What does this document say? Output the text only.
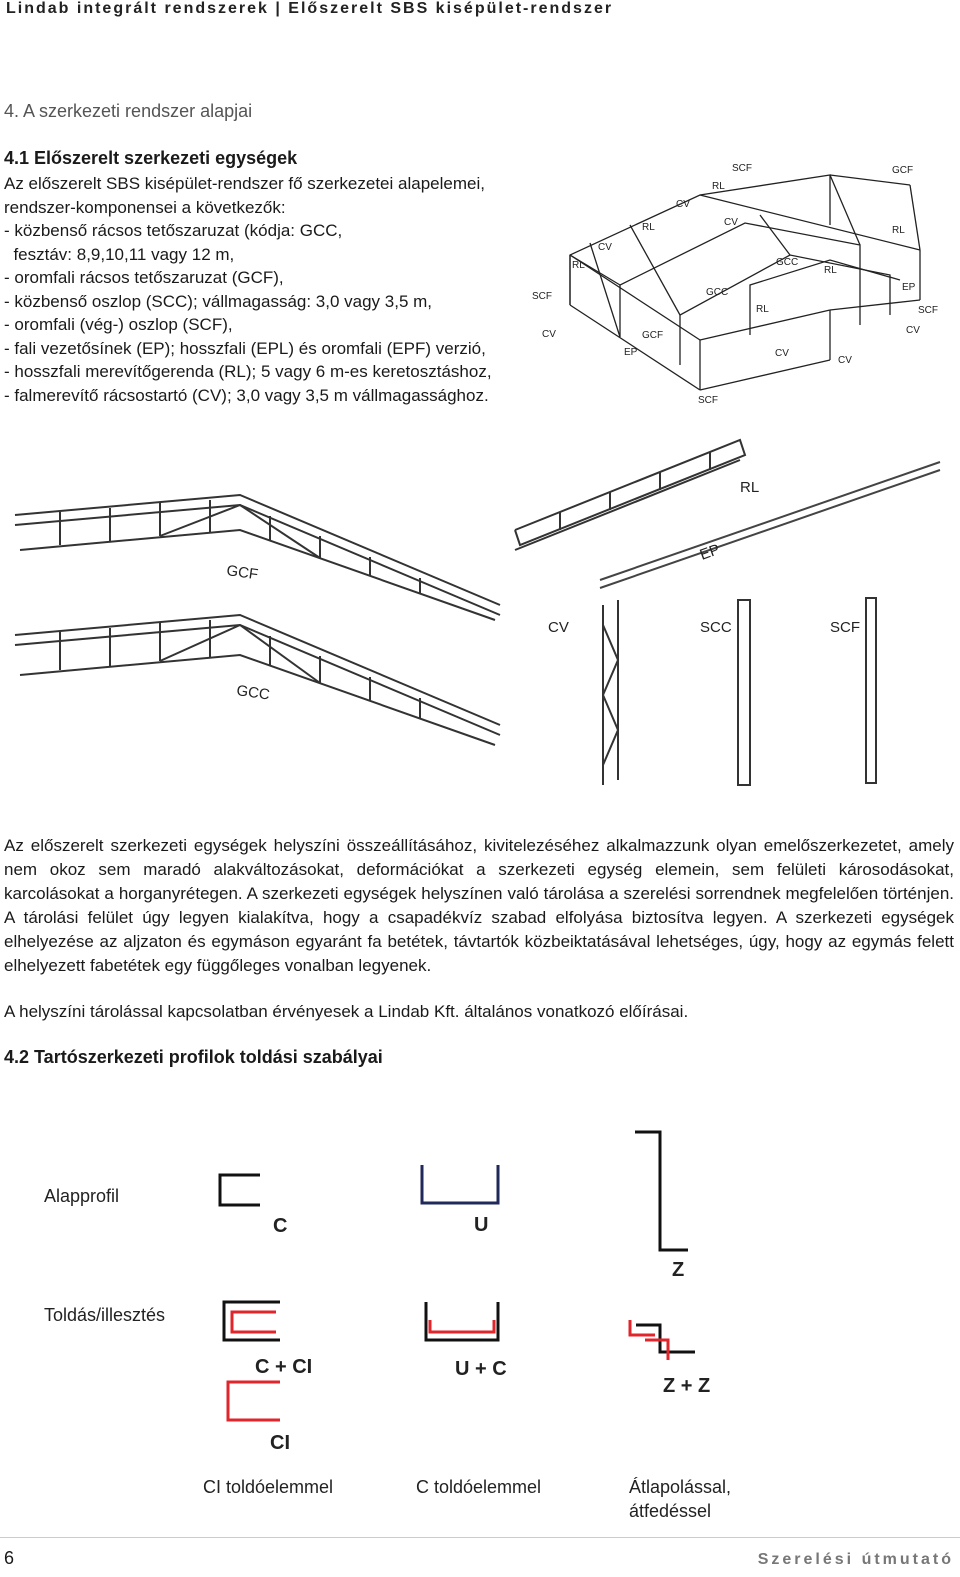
Lindab integrált rendszerek | Előszerelt SBS kisépület-rendszer
4. A szerkezeti rendszer alapjai
4.1 Előszerelt szerkezeti egységek
Az előszerelt SBS kisépület-rendszer fő szerkezetei alapelemei,
rendszer-komponensei a következők:
- közbenső rácsos tetőszaruzat (kódja: GCC,
fesztáv: 8,9,10,11 vagy 12 m,
- oromfali rácsos tetőszaruzat (GCF),
- közbenső oszlop (SCC); vállmagasság: 3,0 vagy 3,5 m,
- oromfali (vég-) oszlop (SCF),
- fali vezetősínek (EP); hosszfali (EPL) és oromfali (EPF) verzió,
- hosszfali merevítőgerenda (RL); 5 vagy 6 m-es keretosztáshoz,
- falmerevítő rácsostartó (CV); 3,0 vagy 3,5 m vállmagassághoz.
SCF
CV
RL
CV
EP
GCF
RL
CV
RL
SCF
CV
GCC
GCC
RL
CV
RL
CV
SCF
GCF
RL
EP
SCF
CV
GCF
GCC
RL
EP
CV	SCC	SCF
Az előszerelt szerkezeti egységek helyszíni összeállításához, kivitelezéséhez alkalmazzunk olyan emelőszerkezetet, amely nem okoz sem maradó alakváltozásokat, deformációkat a szerkezeti egység elemein, sem felületi károsodásokat, karcolásokat a horganyrétegen. A szerkezeti egységek helyszínen való tárolása a szerelési sorrendnek megfelelően történjen. A tárolási felület úgy legyen kialakítva, hogy a csapadékvíz szabad elfolyása biztosítva legyen. A szerkezeti egységek elhelyezése az aljzaton és egymáson egyaránt fa betétek, távtartók közbeiktatásával lehetséges, úgy, hogy az egymás felett elhelyezett fabetétek egy függőleges vonalban legyenek.
A helyszíni tárolással kapcsolatban érvényesek a Lindab Kft. általános vonatkozó előírásai.
4.2 Tartószerkezeti profilok toldási szabályai
Alapprofil
Toldás/illesztés
C	U
Z
C + CI	U + C
Z + Z
CI
CI toldóelemmel	C toldóelemmel	Átlapolással,
átfedéssel
6	Szerelési útmutató
